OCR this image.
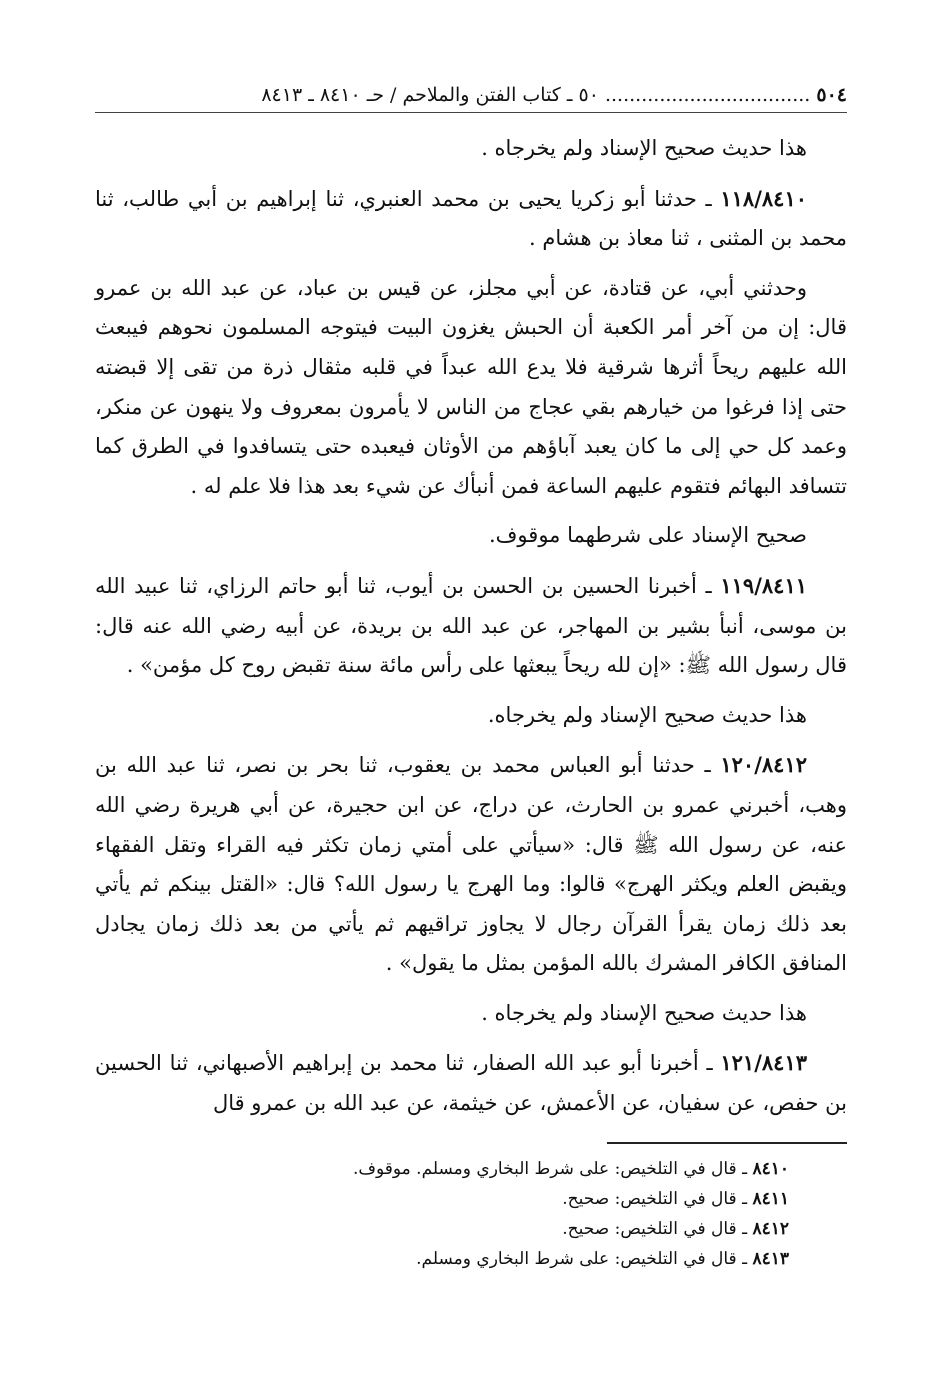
٥٠٤ .................................. ٥٠ ـ كتاب الفتن والملاحم / حـ ٨٤١٠ ـ ٨٤١٣

هذا حديث صحيح الإسناد ولم يخرجاه .

١١٨/٨٤١٠ ـ حدثنا أبو زكريا يحيى بن محمد العنبري، ثنا إبراهيم بن أبي طالب، ثنا محمد بن المثنى ، ثنا معاذ بن هشام .

وحدثني أبي، عن قتادة، عن أبي مجلز، عن قيس بن عباد، عن عبد الله بن عمرو قال: إن من آخر أمر الكعبة أن الحبش يغزون البيت فيتوجه المسلمون نحوهم فيبعث الله عليهم ريحاً أثرها شرقية فلا يدع الله عبداً في قلبه مثقال ذرة من تقى إلا قبضته حتى إذا فرغوا من خيارهم بقي عجاج من الناس لا يأمرون بمعروف ولا ينهون عن منكر، وعمد كل حي إلى ما كان يعبد آباؤهم من الأوثان فيعبده حتى يتسافدوا في الطرق كما تتسافد البهائم فتقوم عليهم الساعة فمن أنبأك عن شيء بعد هذا فلا علم له .

صحيح الإسناد على شرطهما موقوف.

١١٩/٨٤١١ ـ أخبرنا الحسين بن الحسن بن أيوب، ثنا أبو حاتم الرزاي، ثنا عبيد الله بن موسى، أنبأ بشير بن المهاجر، عن عبد الله بن بريدة، عن أبيه رضي الله عنه قال: قال رسول الله ﷺ: «إن لله ريحاً يبعثها على رأس مائة سنة تقبض روح كل مؤمن» .

هذا حديث صحيح الإسناد ولم يخرجاه.

١٢٠/٨٤١٢ ـ حدثنا أبو العباس محمد بن يعقوب، ثنا بحر بن نصر، ثنا عبد الله بن وهب، أخبرني عمرو بن الحارث، عن دراج، عن ابن حجيرة، عن أبي هريرة رضي الله عنه، عن رسول الله ﷺ قال: «سيأتي على أمتي زمان تكثر فيه القراء وتقل الفقهاء ويقبض العلم ويكثر الهرج» قالوا: وما الهرج يا رسول الله؟ قال: «القتل بينكم ثم يأتي بعد ذلك زمان يقرأ القرآن رجال لا يجاوز تراقيهم ثم يأتي من بعد ذلك زمان يجادل المنافق الكافر المشرك بالله المؤمن بمثل ما يقول» .

هذا حديث صحيح الإسناد ولم يخرجاه .

١٢١/٨٤١٣ ـ أخبرنا أبو عبد الله الصفار، ثنا محمد بن إبراهيم الأصبهاني، ثنا الحسين بن حفص، عن سفيان، عن الأعمش، عن خيثمة، عن عبد الله بن عمرو قال

٨٤١٠ ـ قال في التلخيص: على شرط البخاري ومسلم. موقوف.

٨٤١١ ـ قال في التلخيص: صحيح.

٨٤١٢ ـ قال في التلخيص: صحيح.

٨٤١٣ ـ قال في التلخيص: على شرط البخاري ومسلم.
